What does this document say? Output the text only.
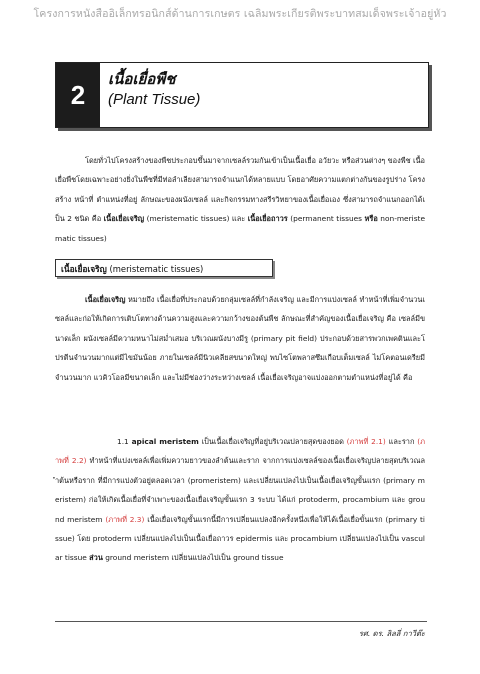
โครงการหนังสืออิเล็กทรอนิกส์ด้านการเกษตร เฉลิมพระเกียรติพระบาทสมเด็จพระเจ้าอยู่หัว
2
เนื้อเยื่อพืช
(Plant Tissue)

โดยทั่วไปโครงสร้างของพืชประกอบขึ้นมาจากเซลล์รวมกันเข้าเป็นเนื้อเยื่อ อวัยวะ หรือส่วนต่างๆ ของพืช เนื้อเยื่อพืชโดยเฉพาะอย่างยิ่งในพืชที่มีท่อลำเลียงสามารถจำแนกได้หลายแบบ โดยอาศัยความแตกต่างกันของรูปร่าง โครงสร้าง หน้าที่ ตำแหน่งที่อยู่ ลักษณะของผนังเซลล์ และกิจกรรมทางสรีรวิทยาของเนื้อเยื่อเอง ซึ่งสามารถจำแนกออกได้เป็น 2 ชนิด คือ เนื้อเยื่อเจริญ (meristematic tissues) และ เนื้อเยื่อถาวร (permanent tissues หรือ non-meristematic tissues)

เนื้อเยื่อเจริญ (meristematic tissues)

เนื้อเยื่อเจริญ หมายถึง เนื้อเยื่อที่ประกอบด้วยกลุ่มเซลล์ที่กำลังเจริญ และมีการแบ่งเซลล์ ทำหน้าที่เพิ่มจำนวนเซลล์และก่อให้เกิดการเติบโตทางด้านความสูงและความกว้างของต้นพืช ลักษณะที่สำคัญของเนื้อเยื่อเจริญ คือ เซลล์มีขนาดเล็ก ผนังเซลล์มีความหนาไม่สม่ำเสมอ บริเวณผนังบางมีรู (primary pit field) ประกอบด้วยสารพวกเพคตินและโปรตีนจำนวนมากแต่มีไขมันน้อย ภายในเซลล์มีนิวเคลียสขนาดใหญ่ พบไซโตพลาสซึมเกือบเต็มเซลล์ ไม่โคตอนเดรียมีจำนวนมาก แวคิวโอลมีขนาดเล็ก และไม่มีช่องว่างระหว่างเซลล์ เนื้อเยื่อเจริญอาจแบ่งออกตามตำแหน่งที่อยู่ได้ คือ

1.1 apical meristem เป็นเนื้อเยื่อเจริญที่อยู่บริเวณปลายสุดของยอด (ภาพที่ 2.1) และราก (ภาพที่ 2.2) ทำหน้าที่แบ่งเซลล์เพื่อเพิ่มความยาวของลำต้นและราก จากการแบ่งเซลล์ของเนื้อเยื่อเจริญปลายสุดบริเวณลำต้นหรือราก ที่มีการแบ่งตัวอยู่ตลอดเวลา (promeristem) และเปลี่ยนแปลงไปเป็นเนื้อเยื่อเจริญขั้นแรก (primary meristem) ก่อให้เกิดเนื้อเยื่อที่จำเพาะของเนื้อเยื่อเจริญขั้นแรก 3 ระบบ ได้แก่ protoderm, procambium และ ground meristem (ภาพที่ 2.3) เนื้อเยื่อเจริญขั้นแรกนี้มีการเปลี่ยนแปลงอีกครั้งหนึ่งเพื่อให้ได้เนื้อเยื่อขั้นแรก (primary tissue) โดย protoderm เปลี่ยนแปลงไปเป็นเนื้อเยื่อถาวร epidermis และ procambium เปลี่ยนแปลงไปเป็น vascular tissue ส่วน ground meristem เปลี่ยนแปลงไปเป็น ground tissue

รศ. ดร. ลิลลี่ กาวีต๊ะ
